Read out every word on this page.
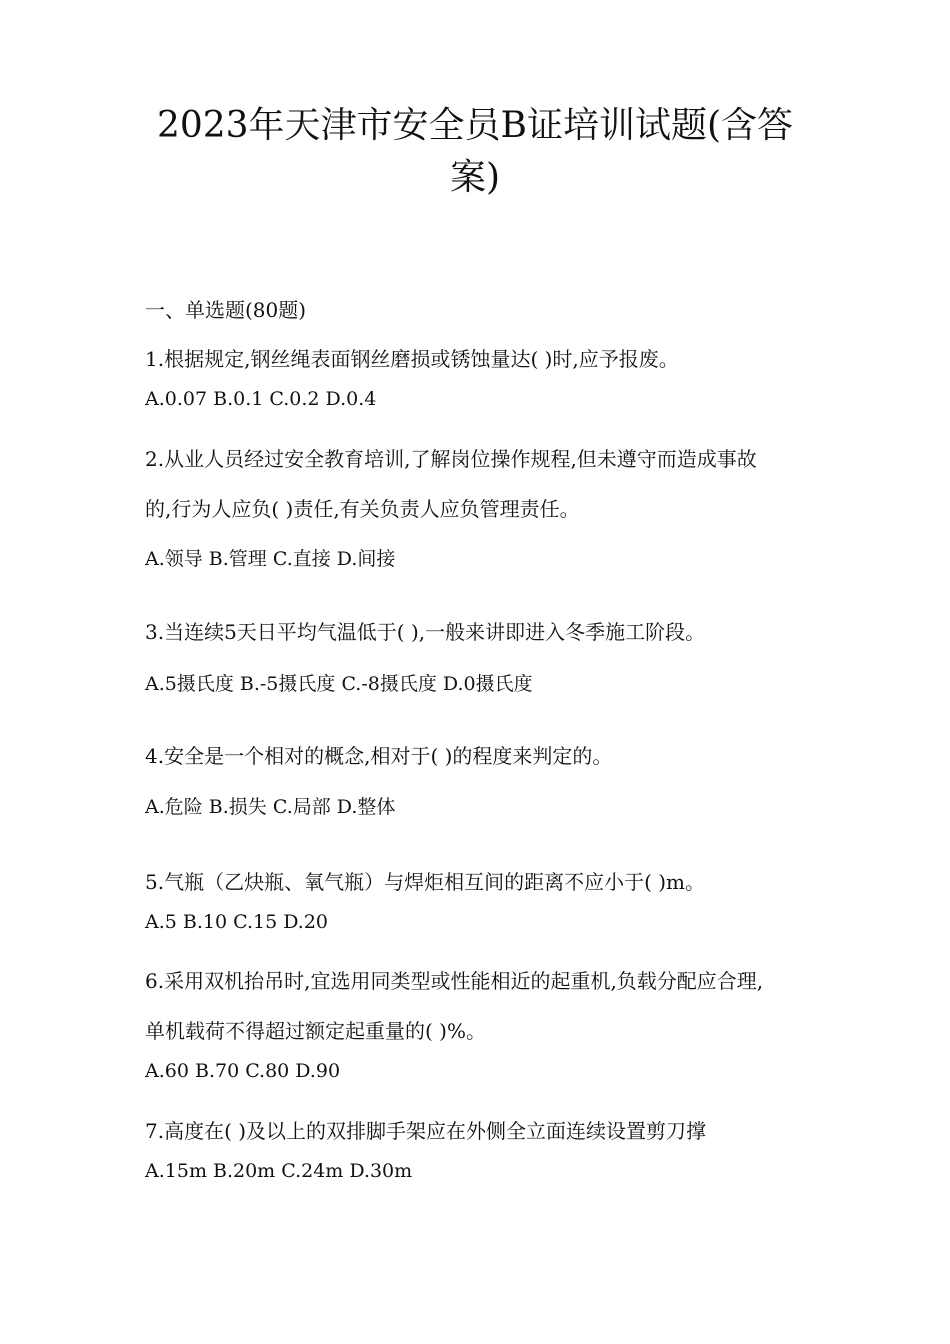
2023年天津市安全员B证培训试题(含答
案)

一、单选题(80题)

1.根据规定,钢丝绳表面钢丝磨损或锈蚀量达( )时,应予报废。

A.0.07 B.0.1 C.0.2 D.0.4

2.从业人员经过安全教育培训,了解岗位操作规程,但未遵守而造成事故

的,行为人应负( )责任,有关负责人应负管理责任。

A.领导 B.管理 C.直接 D.间接

3.当连续5天日平均气温低于( ),一般来讲即进入冬季施工阶段。

A.5摄氏度 B.-5摄氏度 C.-8摄氏度 D.0摄氏度

4.安全是一个相对的概念,相对于( )的程度来判定的。

A.危险 B.损失 C.局部 D.整体

5.气瓶（乙炔瓶、氧气瓶）与焊炬相互间的距离不应小于( )m。

A.5 B.10 C.15 D.20

6.采用双机抬吊时,宜选用同类型或性能相近的起重机,负载分配应合理,

单机载荷不得超过额定起重量的( )%。

A.60 B.70 C.80 D.90

7.高度在( )及以上的双排脚手架应在外侧全立面连续设置剪刀撑

A.15m B.20m C.24m D.30m
